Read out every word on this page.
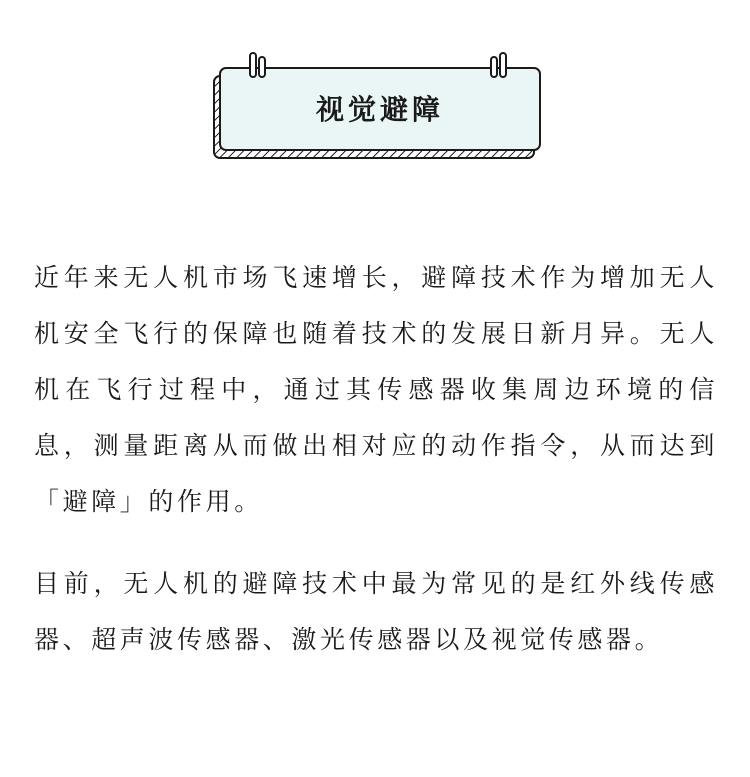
视觉避障

近年来无人机市场飞速增长，避障技术作为增加无人机安全飞行的保障也随着技术的发展日新月异。无人机在飞行过程中，通过其传感器收集周边环境的信息，测量距离从而做出相对应的动作指令，从而达到「避障」的作用。

目前，无人机的避障技术中最为常见的是红外线传感器、超声波传感器、激光传感器以及视觉传感器。
